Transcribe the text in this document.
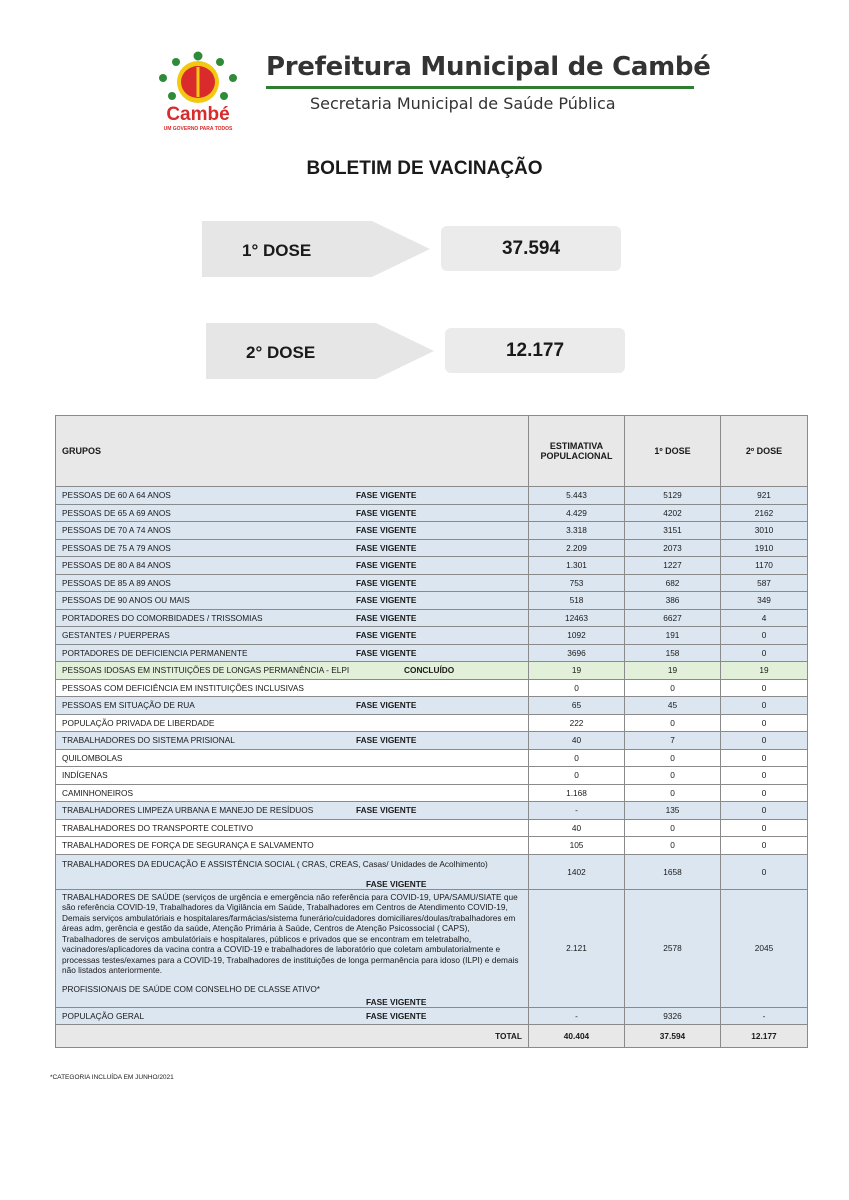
Cambé
UM GOVERNO PARA TODOS
Prefeitura Municipal de Cambé
Secretaria Municipal de Saúde Pública
BOLETIM DE VACINAÇÃO
1° DOSE	37.594
2° DOSE	12.177
GRUPOS	ESTIMATIVA POPULACIONAL	1º DOSE	2º DOSE
PESSOAS DE 60 A 64 ANOS FASE VIGENTE	5.443	5129	921
PESSOAS DE 65 A 69 ANOS FASE VIGENTE	4.429	4202	2162
PESSOAS DE 70 A 74 ANOS FASE VIGENTE	3.318	3151	3010
PESSOAS DE 75 A 79 ANOS FASE VIGENTE	2.209	2073	1910
PESSOAS DE 80 A 84 ANOS FASE VIGENTE	1.301	1227	1170
PESSOAS DE 85 A 89 ANOS FASE VIGENTE	753	682	587
PESSOAS DE 90 ANOS OU MAIS FASE VIGENTE	518	386	349
PORTADORES DO COMORBIDADES / TRISSOMIAS FASE VIGENTE	12463	6627	4
GESTANTES / PUERPERAS FASE VIGENTE	1092	191	0
PORTADORES DE DEFICIENCIA PERMANENTE FASE VIGENTE	3696	158	0
PESSOAS IDOSAS EM INSTITUIÇÕES DE LONGAS PERMANÊNCIA - ELPI CONCLUÍDO	19	19	19
PESSOAS COM DEFICIÊNCIA EM INSTITUIÇÕES INCLUSIVAS	0	0	0
PESSOAS EM SITUAÇÃO DE RUA FASE VIGENTE	65	45	0
POPULAÇÃO PRIVADA DE LIBERDADE	222	0	0
TRABALHADORES DO SISTEMA PRISIONAL FASE VIGENTE	40	7	0
QUILOMBOLAS	0	0	0
INDÍGENAS	0	0	0
CAMINHONEIROS	1.168	0	0
TRABALHADORES LIMPEZA URBANA E MANEJO DE RESÍDUOS FASE VIGENTE	-	135	0
TRABALHADORES DO TRANSPORTE COLETIVO	40	0	0
TRABALHADORES DE FORÇA DE SEGURANÇA E SALVAMENTO	105	0	0

TRABALHADORES DA EDUCAÇÃO E ASSISTÊNCIA SOCIAL ( CRAS, CREAS, Casas/ Unidades de Acolhimento)
FASE VIGENTE	1402	1658	0

TRABALHADORES DE SAÚDE (serviços de urgência e emergência não referência para COVID-19, UPA/SAMU/SIATE que são referência COVID-19, Trabalhadores da Vigilância em Saúde, Trabalhadores em Centros de Atendimento COVID-19, Demais serviços ambulatóriais e hospitalares/farmácias/sistema funerário/cuidadores domiciliares/doulas/trabalhadores em áreas adm, gerência e gestão da saúde, Atenção Primária à Saúde, Centros de Atenção Psicossocial ( CAPS), Trabalhadores de serviços ambulatóriais e hospitalares, públicos e privados que se encontram em teletrabalho, vacinadores/aplicadores da vacina contra a COVID-19 e trabalhadores de laboratório que coletam ambulatorialmente e processas testes/exames para a COVID-19, Trabalhadores de instituições de longa permanência para idoso (ILPI) e demais não listados anteriormente.
PROFISSIONAIS DE SAÚDE COM CONSELHO DE CLASSE ATIVO*
FASE VIGENTE	2.121	2578	2045
POPULAÇÃO GERAL FASE VIGENTE	-	9326	-
TOTAL	40.404	37.594	12.177
*CATEGORIA INCLUÍDA EM JUNHO/2021
